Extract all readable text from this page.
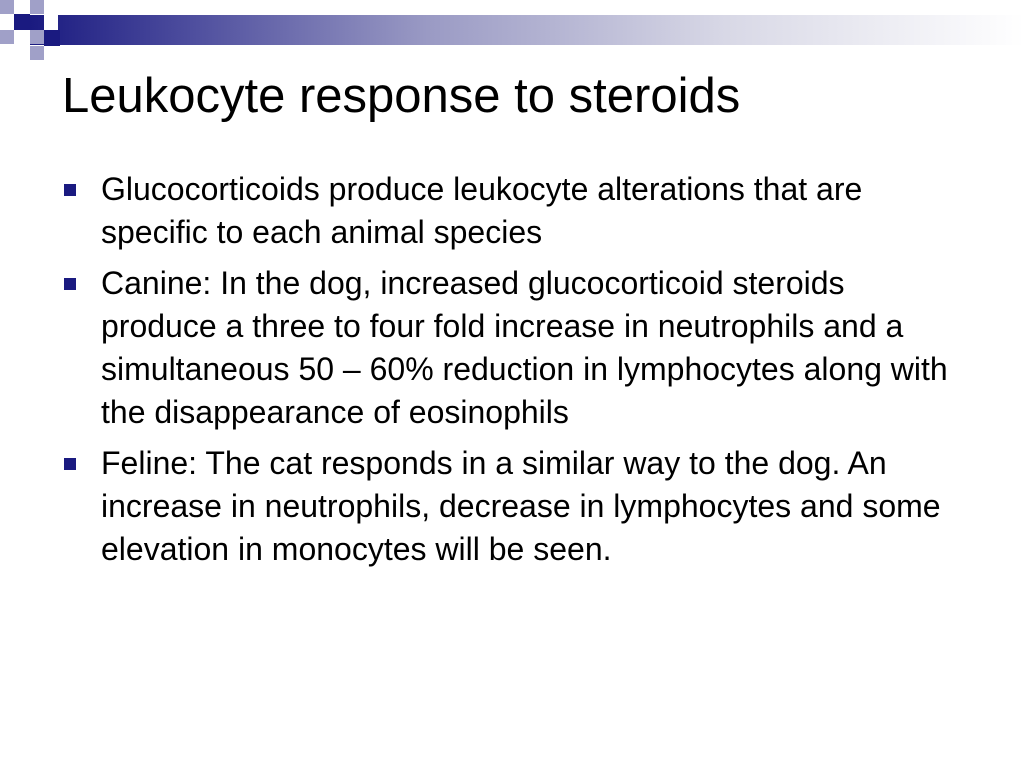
Leukocyte response to steroids
Glucocorticoids produce leukocyte alterations that are specific to each animal species
Canine: In the dog, increased glucocorticoid steroids produce a three to four fold increase in neutrophils and a simultaneous 50 – 60% reduction in lymphocytes along with the disappearance of eosinophils
Feline: The cat responds in a similar way to the dog. An increase in neutrophils, decrease in lymphocytes and some elevation in monocytes will be seen.
